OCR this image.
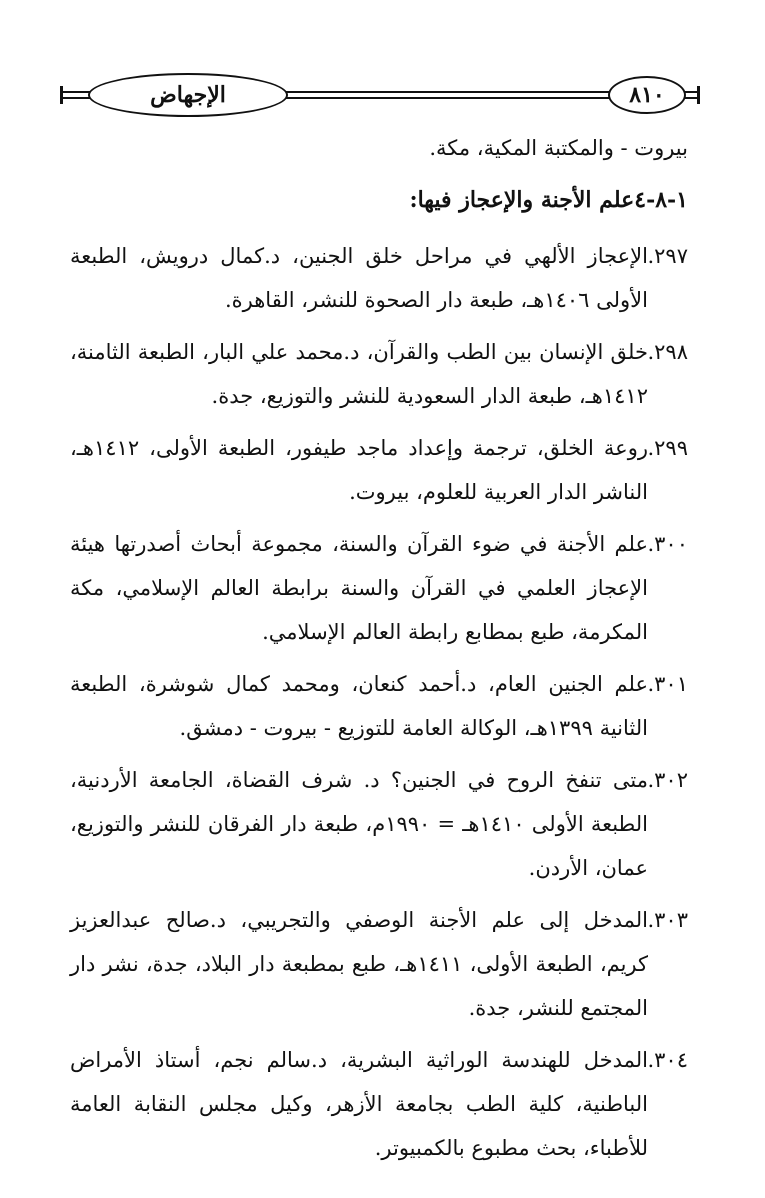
الإجهاض	٨١٠

بيروت - والمكتبة المكية، مكة.

١-٨-٤علم الأجنة والإعجاز فيها:

٢٩٧.
الإعجاز الألهي في مراحل خلق الجنين، د.كمال درويش، الطبعة الأولى ١٤٠٦هـ، طبعة دار الصحوة للنشر، القاهرة.
٢٩٨.
خلق الإنسان بين الطب والقرآن، د.محمد علي البار، الطبعة الثامنة، ١٤١٢هـ، طبعة الدار السعودية للنشر والتوزيع، جدة.
٢٩٩.
روعة الخلق، ترجمة وإعداد ماجد طيفور، الطبعة الأولى، ١٤١٢هـ، الناشر الدار العربية للعلوم، بيروت.
٣٠٠.
علم الأجنة في ضوء القرآن والسنة، مجموعة أبحاث أصدرتها هيئة الإعجاز العلمي في القرآن والسنة برابطة العالم الإسلامي، مكة المكرمة، طبع بمطابع رابطة العالم الإسلامي.
٣٠١.
علم الجنين العام، د.أحمد كنعان، ومحمد كمال شوشرة، الطبعة الثانية ١٣٩٩هـ، الوكالة العامة للتوزيع - بيروت - دمشق.
٣٠٢.
متى تنفخ الروح في الجنين؟ د. شرف القضاة، الجامعة الأردنية، الطبعة الأولى ١٤١٠هـ = ١٩٩٠م، طبعة دار الفرقان للنشر والتوزيع، عمان، الأردن.
٣٠٣.
المدخل إلى علم الأجنة الوصفي والتجريبي، د.صالح عبدالعزيز كريم، الطبعة الأولى، ١٤١١هـ، طبع بمطبعة دار البلاد، جدة، نشر دار المجتمع للنشر، جدة.
٣٠٤.
المدخل للهندسة الوراثية البشرية، د.سالم نجم، أستاذ الأمراض الباطنية، كلية الطب بجامعة الأزهر، وكيل مجلس النقابة العامة للأطباء، بحث مطبوع بالكمبيوتر.
